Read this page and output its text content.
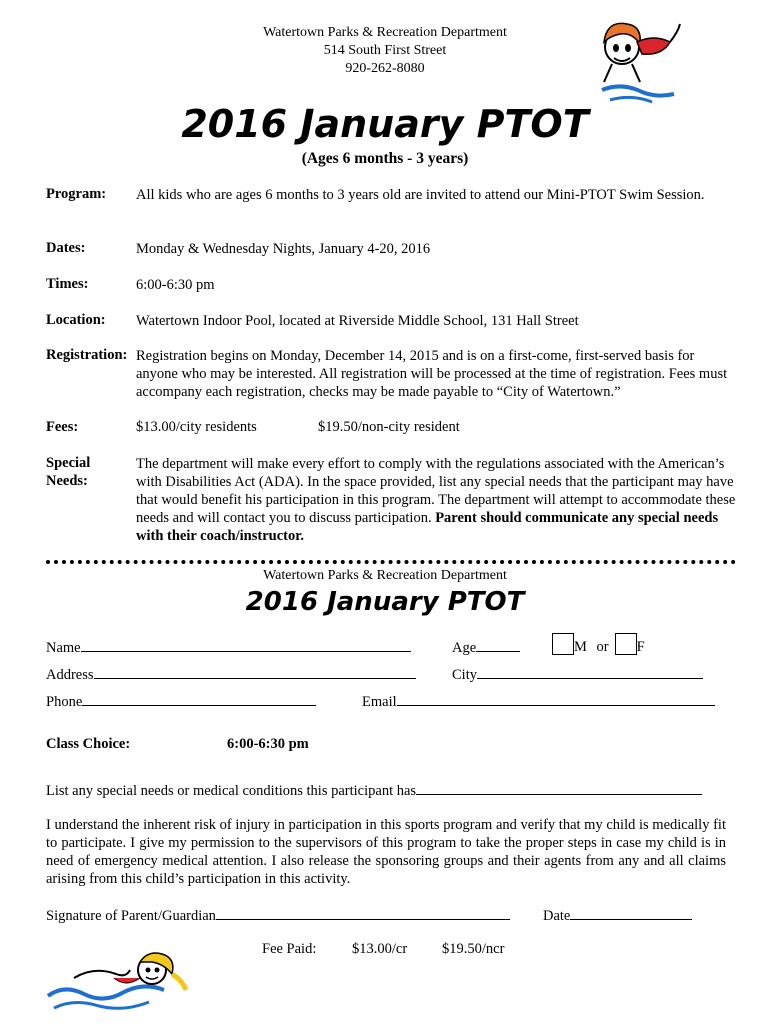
Watertown Parks & Recreation Department
514 South First Street
920-262-8080
2016 January PTOT
(Ages 6 months - 3 years)
Program: All kids who are ages 6 months to 3 years old are invited to attend our Mini-PTOT Swim Session.
Dates:	Monday & Wednesday Nights, January 4-20, 2016
Times:	6:00-6:30 pm
Location: Watertown Indoor Pool, located at Riverside Middle School, 131 Hall Street
Registration: Registration begins on Monday, December 14, 2015 and is on a first-come, first-served basis for anyone who may be interested. All registration will be processed at the time of registration. Fees must accompany each registration, checks may be made payable to “City of Watertown.”
Fees:	$13.00/city residents	$19.50/non-city resident
Special
Needs:
The department will make every effort to comply with the regulations associated with the American’s with Disabilities Act (ADA). In the space provided, list any special needs that the participant may have that would benefit his participation in this program. The department will attempt to accommodate these needs and will contact you to discuss participation. Parent should communicate any special needs with their coach/instructor.
Watertown Parks & Recreation Department
2016 January PTOT
Name	Age	M or F
Address	City
Phone	Email
Class Choice:	6:00-6:30 pm
List any special needs or medical conditions this participant has
I understand the inherent risk of injury in participation in this sports program and verify that my child is medically fit to participate. I give my permission to the supervisors of this program to take the proper steps in case my child is in need of emergency medical attention. I also release the sponsoring groups and their agents from any and all claims arising from this child’s participation in this activity.
Signature of Parent/Guardian	Date
Fee Paid: $13.00/cr $19.50/ncr
